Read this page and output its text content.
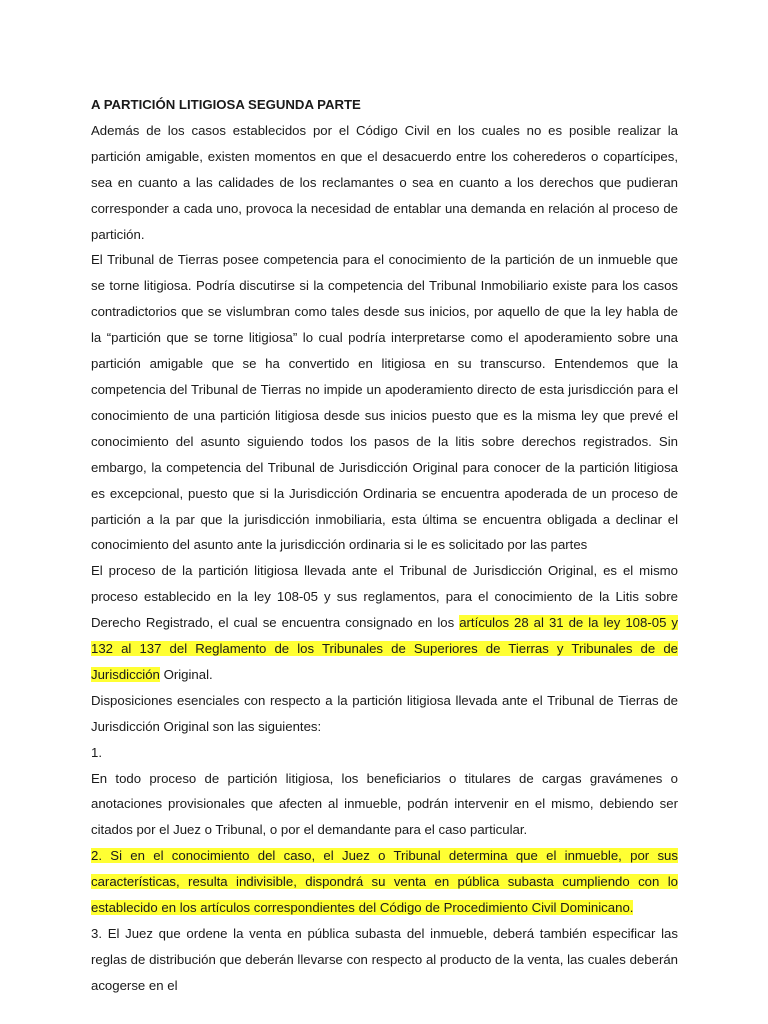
A PARTICIÓN LITIGIOSA SEGUNDA PARTE

Además de los casos establecidos por el Código Civil en los cuales no es posible realizar la partición amigable, existen momentos en que el desacuerdo entre los coherederos o copartícipes, sea en cuanto a las calidades de los reclamantes o sea en cuanto a los derechos que pudieran corresponder a cada uno, provoca la necesidad de entablar una demanda en relación al proceso de partición.

El Tribunal de Tierras posee competencia para el conocimiento de la partición de un inmueble que se torne litigiosa. Podría discutirse si la competencia del Tribunal Inmobiliario existe para los casos contradictorios que se vislumbran como tales desde sus inicios, por aquello de que la ley habla de la “partición que se torne litigiosa” lo cual podría interpretarse como el apoderamiento sobre una partición amigable que se ha convertido en litigiosa en su transcurso. Entendemos que la competencia del Tribunal de Tierras no impide un apoderamiento directo de esta jurisdicción para el conocimiento de una partición litigiosa desde sus inicios puesto que es la misma ley que prevé el conocimiento del asunto siguiendo todos los pasos de la litis sobre derechos registrados. Sin embargo, la competencia del Tribunal de Jurisdicción Original para conocer de la partición litigiosa es excepcional, puesto que si la Jurisdicción Ordinaria se encuentra apoderada de un proceso de partición a la par que la jurisdicción inmobiliaria, esta última se encuentra obligada a declinar el conocimiento del asunto ante la jurisdicción ordinaria si le es solicitado por las partes

El proceso de la partición litigiosa llevada ante el Tribunal de Jurisdicción Original, es el mismo proceso establecido en la ley 108-05 y sus reglamentos, para el conocimiento de la Litis sobre Derecho Registrado, el cual se encuentra consignado en los artículos 28 al 31 de la ley 108-05 y 132 al 137 del Reglamento de los Tribunales de Superiores de Tierras y Tribunales de de Jurisdicción Original.

Disposiciones esenciales con respecto a la partición litigiosa llevada ante el Tribunal de Tierras de Jurisdicción Original son las siguientes:

1.

En todo proceso de partición litigiosa, los beneficiarios o titulares de cargas gravámenes o anotaciones provisionales que afecten al inmueble, podrán intervenir en el mismo, debiendo ser citados por el Juez o Tribunal, o por el demandante para el caso particular.

2. Si en el conocimiento del caso, el Juez o Tribunal determina que el inmueble, por sus características, resulta indivisible, dispondrá su venta en pública subasta cumpliendo con lo establecido en los artículos correspondientes del Código de Procedimiento Civil Dominicano.

3. El Juez que ordene la venta en pública subasta del inmueble, deberá también especificar las reglas de distribución que deberán llevarse con respecto al producto de la venta, las cuales deberán acogerse en el
